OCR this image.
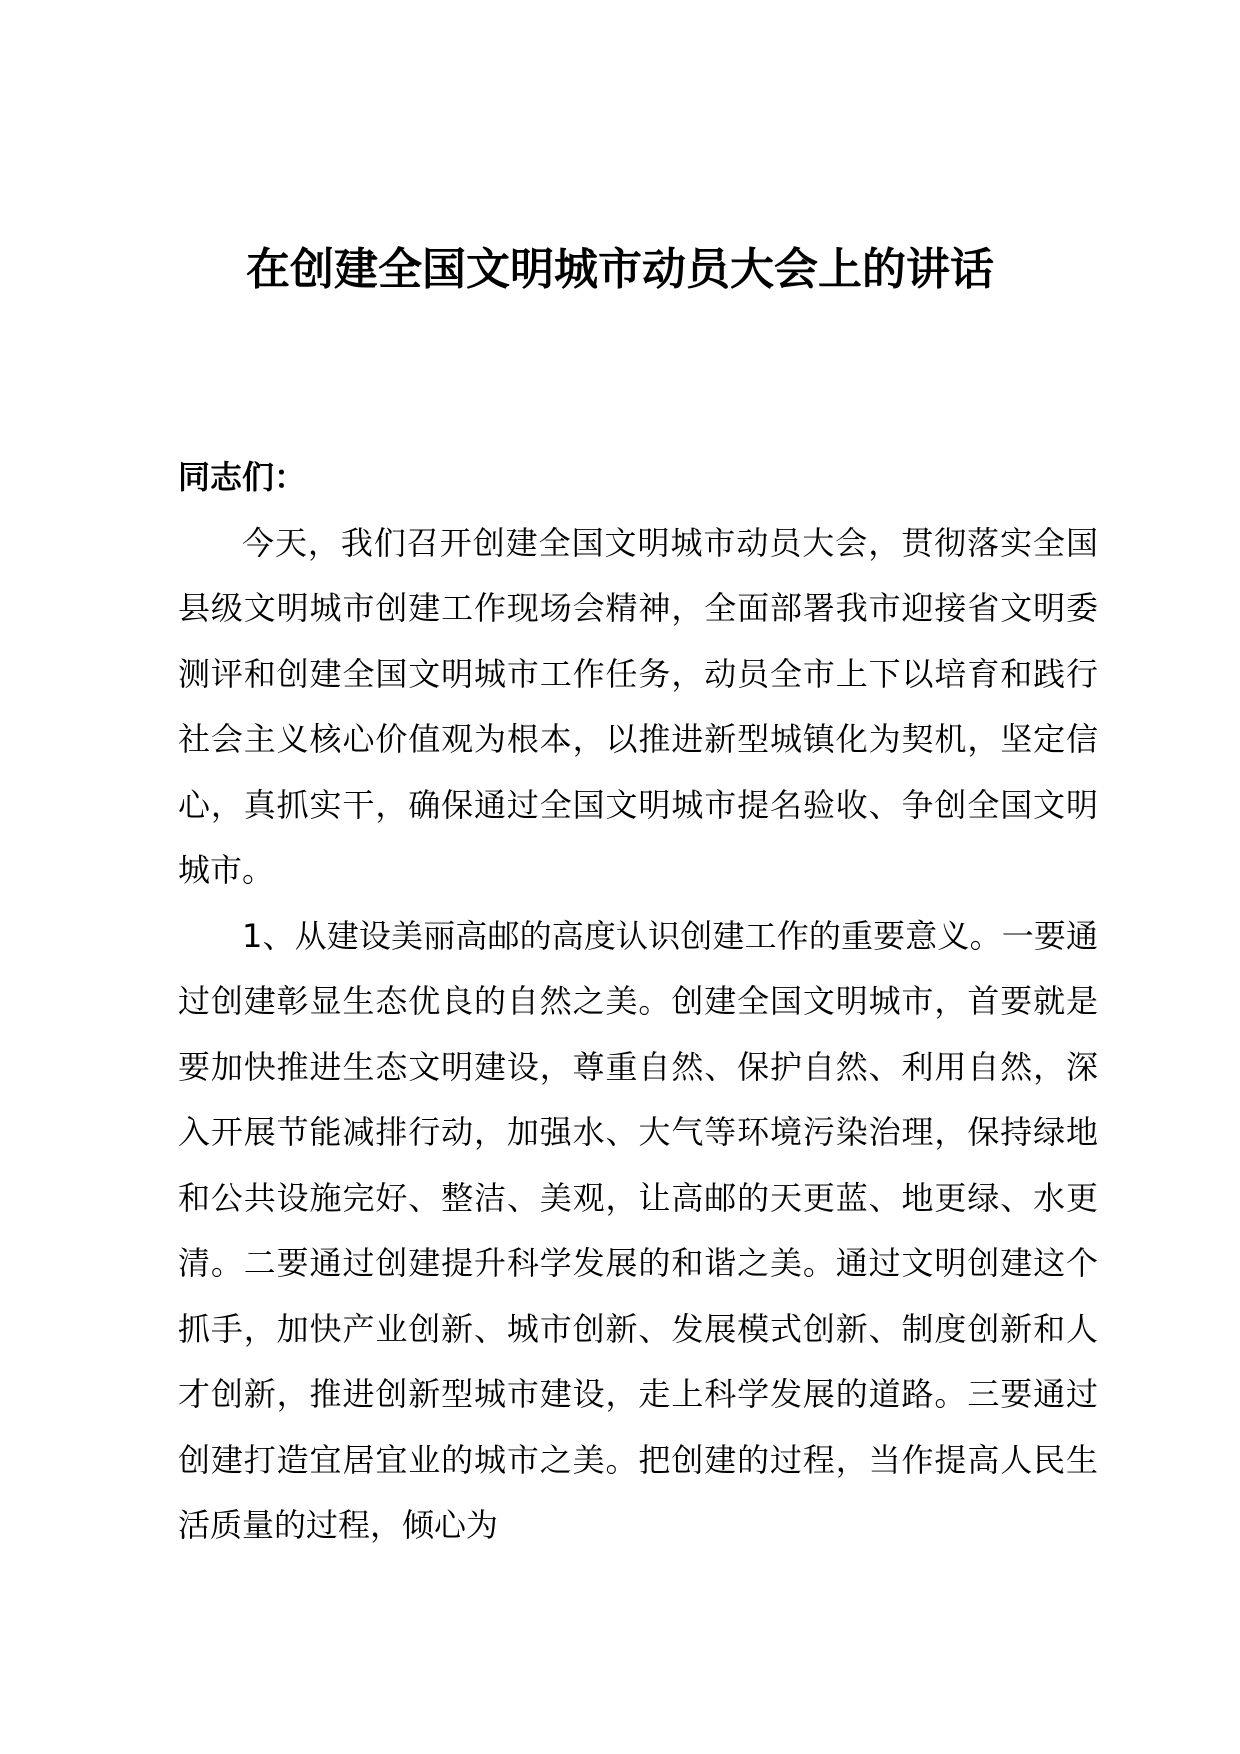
在创建全国文明城市动员大会上的讲话

同志们：

今天，我们召开创建全国文明城市动员大会，贯彻落实全国县级文明城市创建工作现场会精神，全面部署我市迎接省文明委测评和创建全国文明城市工作任务，动员全市上下以培育和践行社会主义核心价值观为根本，以推进新型城镇化为契机，坚定信心，真抓实干，确保通过全国文明城市提名验收、争创全国文明城市。

1、从建设美丽高邮的高度认识创建工作的重要意义。一要通过创建彰显生态优良的自然之美。创建全国文明城市，首要就是要加快推进生态文明建设，尊重自然、保护自然、利用自然，深入开展节能减排行动，加强水、大气等环境污染治理，保持绿地和公共设施完好、整洁、美观，让高邮的天更蓝、地更绿、水更清。二要通过创建提升科学发展的和谐之美。通过文明创建这个抓手，加快产业创新、城市创新、发展模式创新、制度创新和人才创新，推进创新型城市建设，走上科学发展的道路。三要通过创建打造宜居宜业的城市之美。把创建的过程，当作提高人民生活质量的过程，倾心为
